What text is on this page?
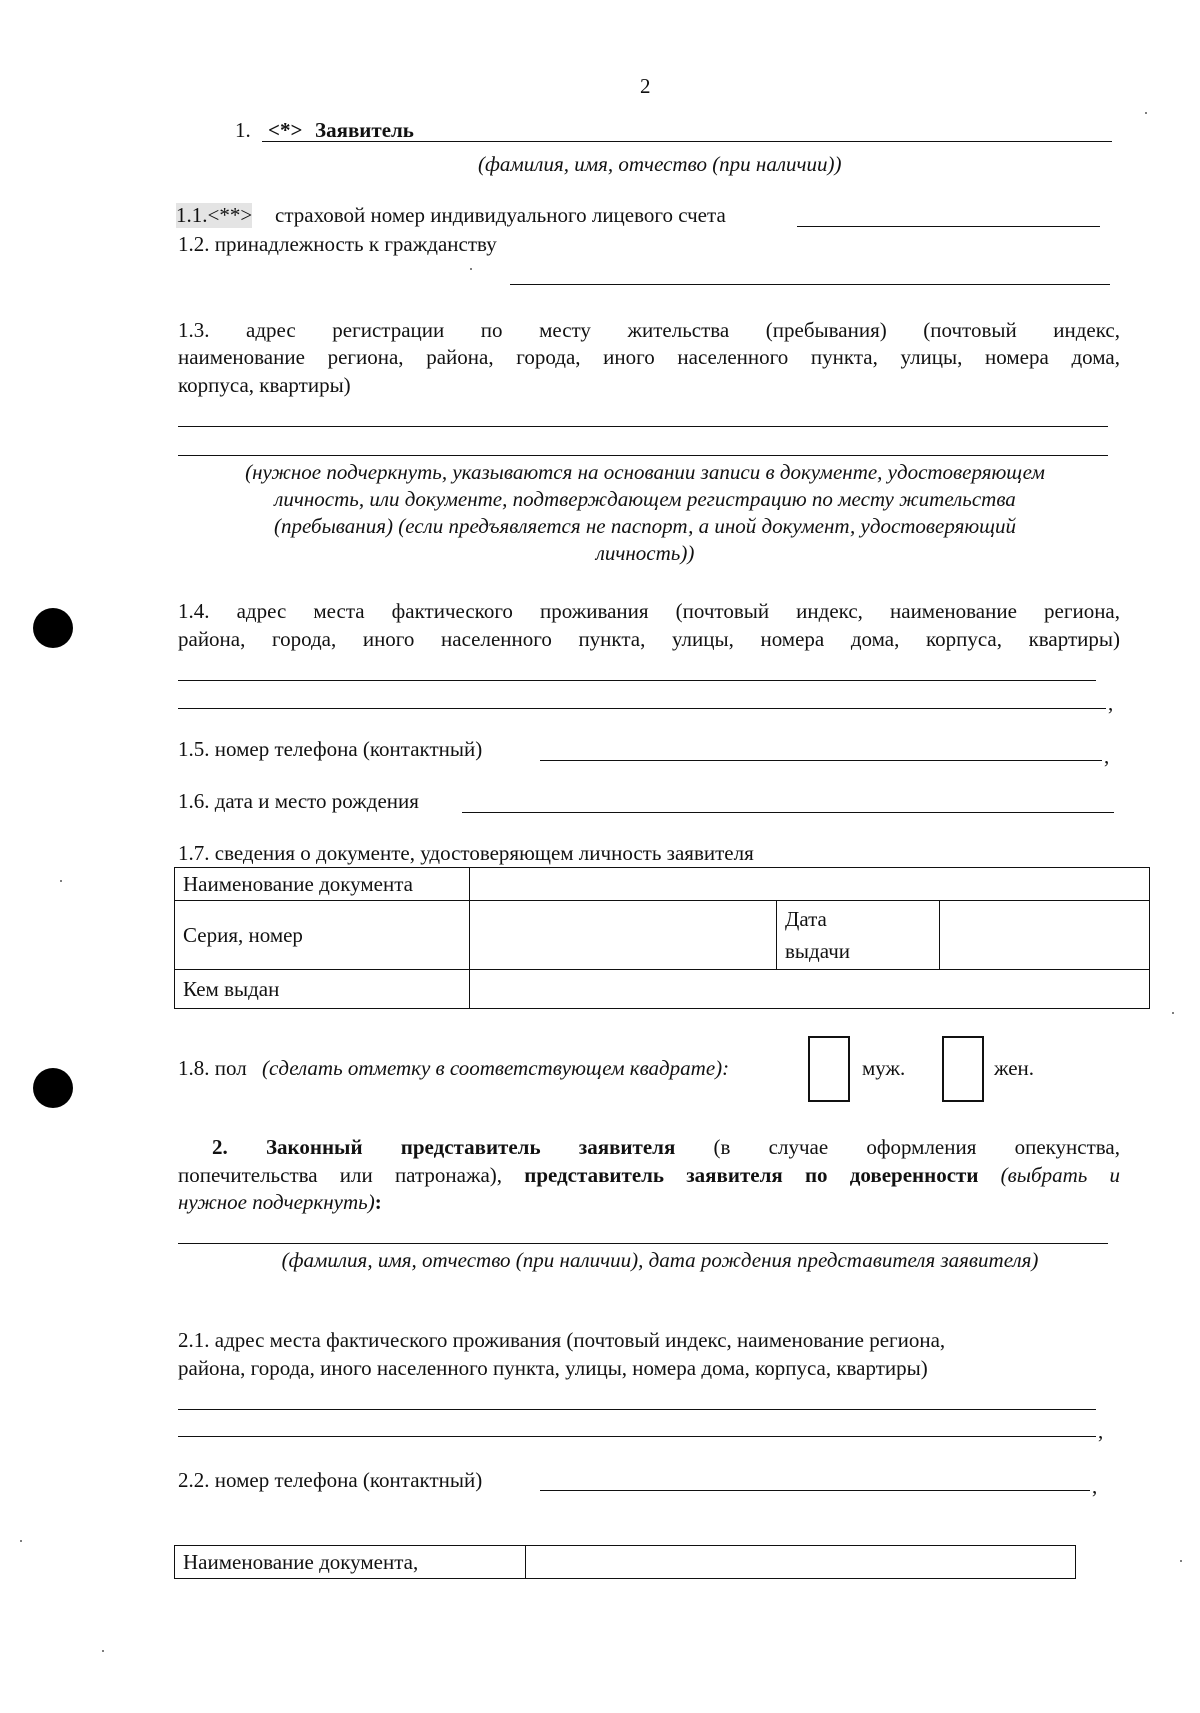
2
1. <*> Заявитель
(фамилия, имя, отчество (при наличии))
1.1.<**> страховой номер индивидуального лицевого счета
1.2. принадлежность к гражданству
1.3. адрес регистрации по месту жительства (пребывания) (почтовый индекс,
наименование региона, района, города, иного населенного пункта, улицы, номера дома,
корпуса, квартиры)
(нужное подчеркнуть, указываются на основании записи в документе, удостоверяющем
личность, или документе, подтверждающем регистрацию по месту жительства
(пребывания) (если предъявляется не паспорт, а иной документ, удостоверяющий
личность))
1.4. адрес места фактического проживания (почтовый индекс, наименование региона,
района, города, иного населенного пункта, улицы, номера дома, корпуса, квартиры)
,
1.5. номер телефона (контактный)	,
1.6. дата и место рождения
1.7. сведения о документе, удостоверяющем личность заявителя
Наименование документа			
Серия, номер		Дата
выдачи	

Кем выдан			
1.8. пол (сделать отметку в соответствующем квадрате):	муж.	жен.
2. Законный представитель заявителя (в случае оформления опекунства,
попечительства или патронажа), представитель заявителя по доверенности (выбрать и
нужное подчеркнуть):
(фамилия, имя, отчество (при наличии), дата рождения представителя заявителя)
2.1. адрес места фактического проживания (почтовый индекс, наименование региона,
района, города, иного населенного пункта, улицы, номера дома, корпуса, квартиры)
,
2.2. номер телефона (контактный)	,
Наименование документа,	
